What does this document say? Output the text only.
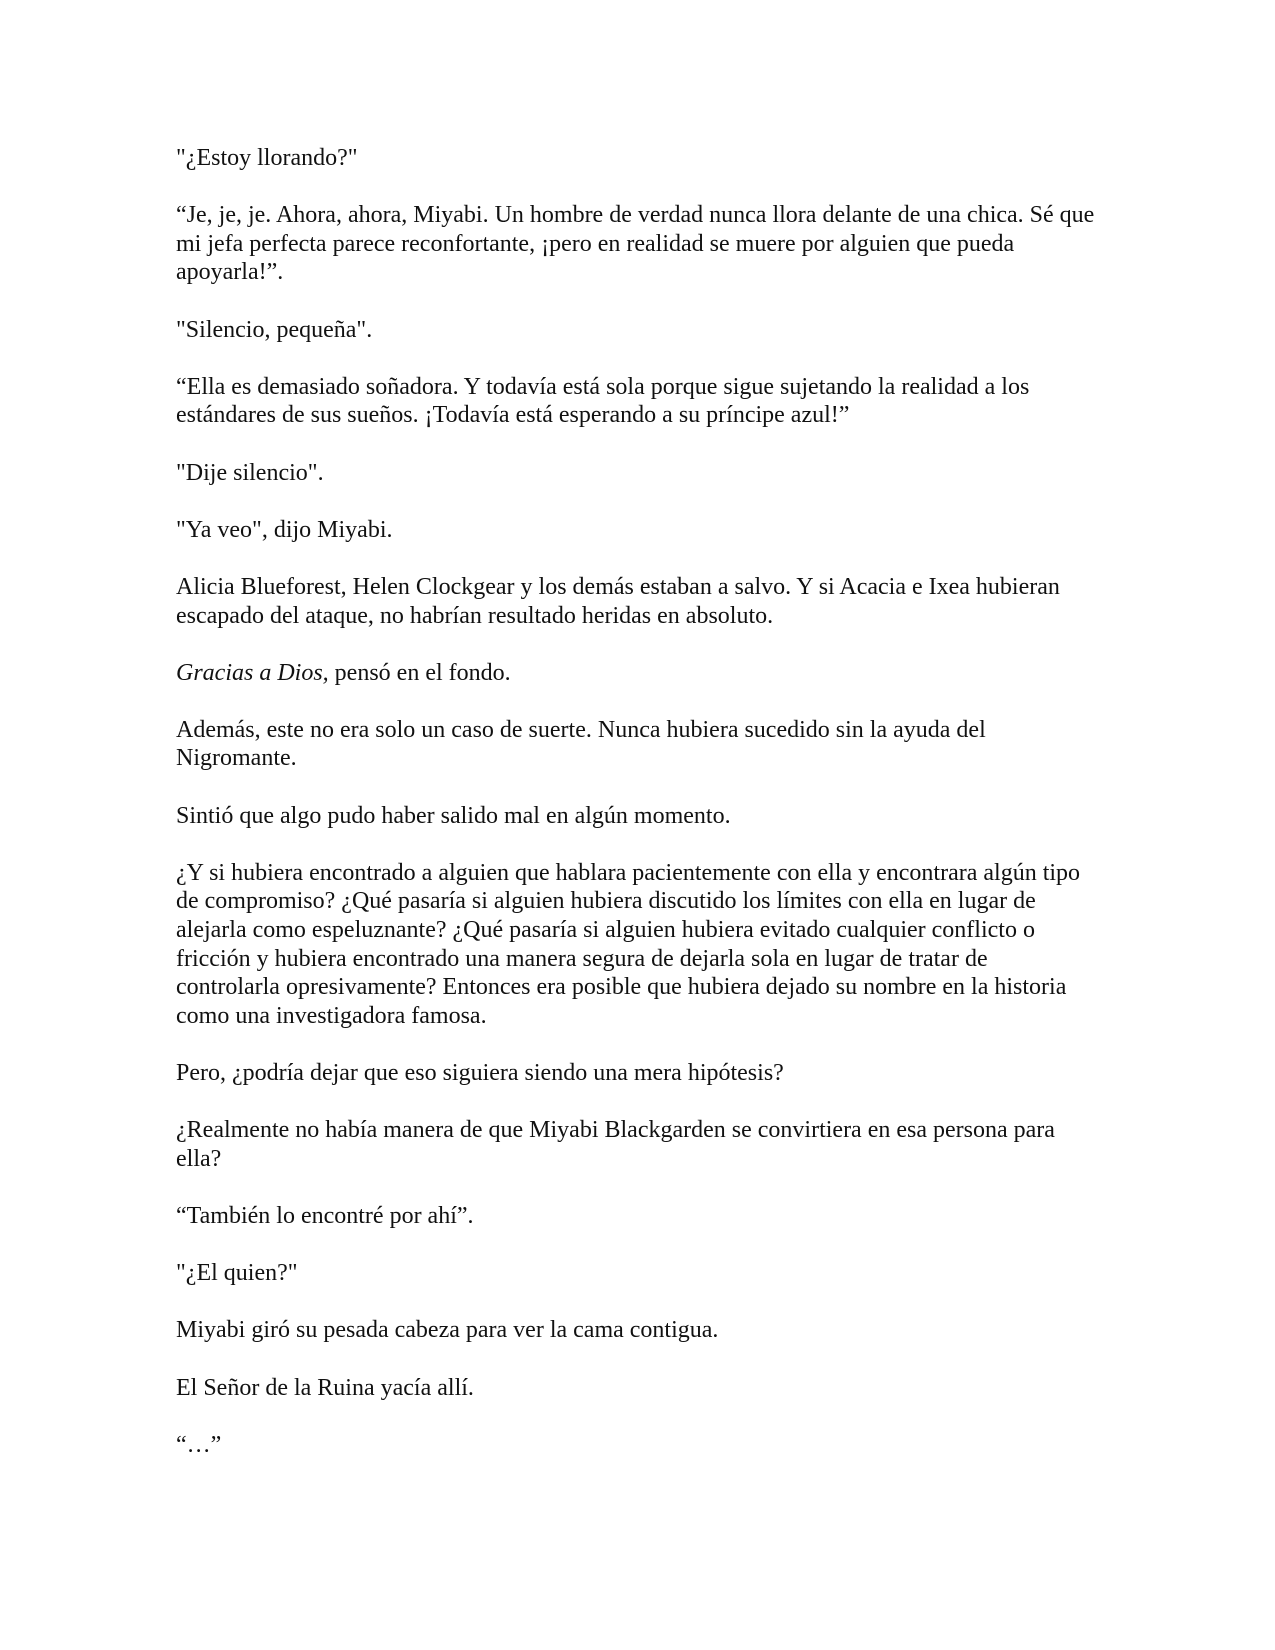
"¿Estoy llorando?"

“Je, je, je. Ahora, ahora, Miyabi. Un hombre de verdad nunca llora delante de una chica. Sé que mi jefa perfecta parece reconfortante, ¡pero en realidad se muere por alguien que pueda apoyarla!”.

"Silencio, pequeña".

“Ella es demasiado soñadora. Y todavía está sola porque sigue sujetando la realidad a los estándares de sus sueños. ¡Todavía está esperando a su príncipe azul!”

"Dije silencio".

"Ya veo", dijo Miyabi.

Alicia Blueforest, Helen Clockgear y los demás estaban a salvo. Y si Acacia e Ixea hubieran escapado del ataque, no habrían resultado heridas en absoluto.

Gracias a Dios, pensó en el fondo.

Además, este no era solo un caso de suerte. Nunca hubiera sucedido sin la ayuda del Nigromante.

Sintió que algo pudo haber salido mal en algún momento.

¿Y si hubiera encontrado a alguien que hablara pacientemente con ella y encontrara algún tipo de compromiso? ¿Qué pasaría si alguien hubiera discutido los límites con ella en lugar de alejarla como espeluznante? ¿Qué pasaría si alguien hubiera evitado cualquier conflicto o fricción y hubiera encontrado una manera segura de dejarla sola en lugar de tratar de controlarla opresivamente? Entonces era posible que hubiera dejado su nombre en la historia como una investigadora famosa.

Pero, ¿podría dejar que eso siguiera siendo una mera hipótesis?

¿Realmente no había manera de que Miyabi Blackgarden se convirtiera en esa persona para ella?

“También lo encontré por ahí”.

"¿El quien?"

Miyabi giró su pesada cabeza para ver la cama contigua.

El Señor de la Ruina yacía allí.

“…”
